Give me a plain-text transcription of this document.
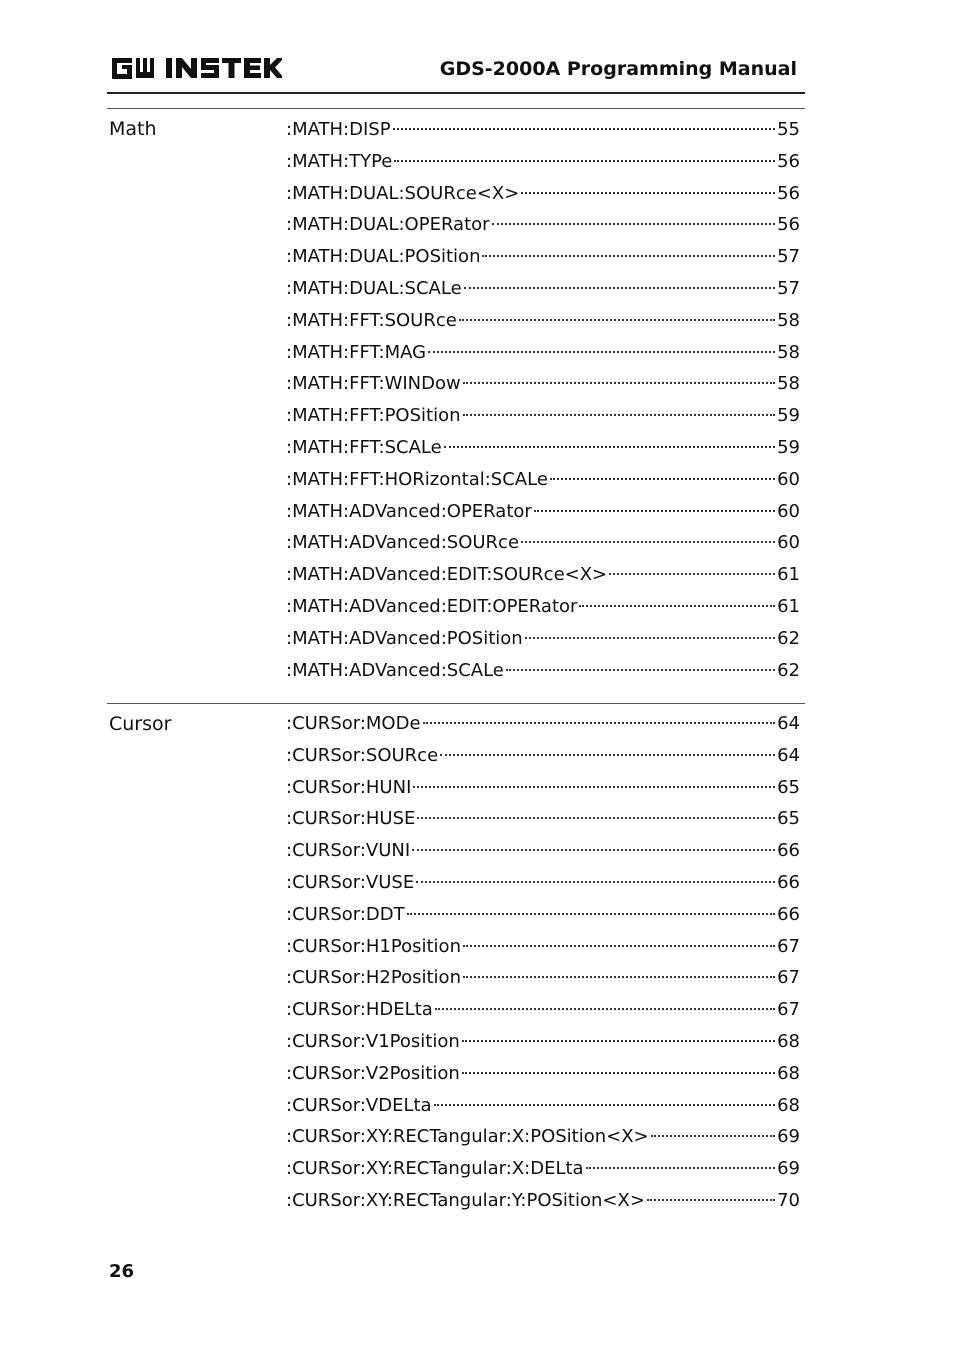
GDS-2000A Programming Manual
Math	:MATH:DISP	55
:MATH:TYPe	56
:MATH:DUAL:SOURce<X>	56
:MATH:DUAL:OPERator	56
:MATH:DUAL:POSition	57
:MATH:DUAL:SCALe	57
:MATH:FFT:SOURce	58
:MATH:FFT:MAG	58
:MATH:FFT:WINDow	58
:MATH:FFT:POSition	59
:MATH:FFT:SCALe	59
:MATH:FFT:HORizontal:SCALe	60
:MATH:ADVanced:OPERator	60
:MATH:ADVanced:SOURce	60
:MATH:ADVanced:EDIT:SOURce<X>	61
:MATH:ADVanced:EDIT:OPERator	61
:MATH:ADVanced:POSition	62
:MATH:ADVanced:SCALe	62
Cursor	:CURSor:MODe	64
:CURSor:SOURce	64
:CURSor:HUNI	65
:CURSor:HUSE	65
:CURSor:VUNI	66
:CURSor:VUSE	66
:CURSor:DDT	66
:CURSor:H1Position	67
:CURSor:H2Position	67
:CURSor:HDELta	67
:CURSor:V1Position	68
:CURSor:V2Position	68
:CURSor:VDELta	68
:CURSor:XY:RECTangular:X:POSition<X>	69
:CURSor:XY:RECTangular:X:DELta	69
:CURSor:XY:RECTangular:Y:POSition<X>	70
26
